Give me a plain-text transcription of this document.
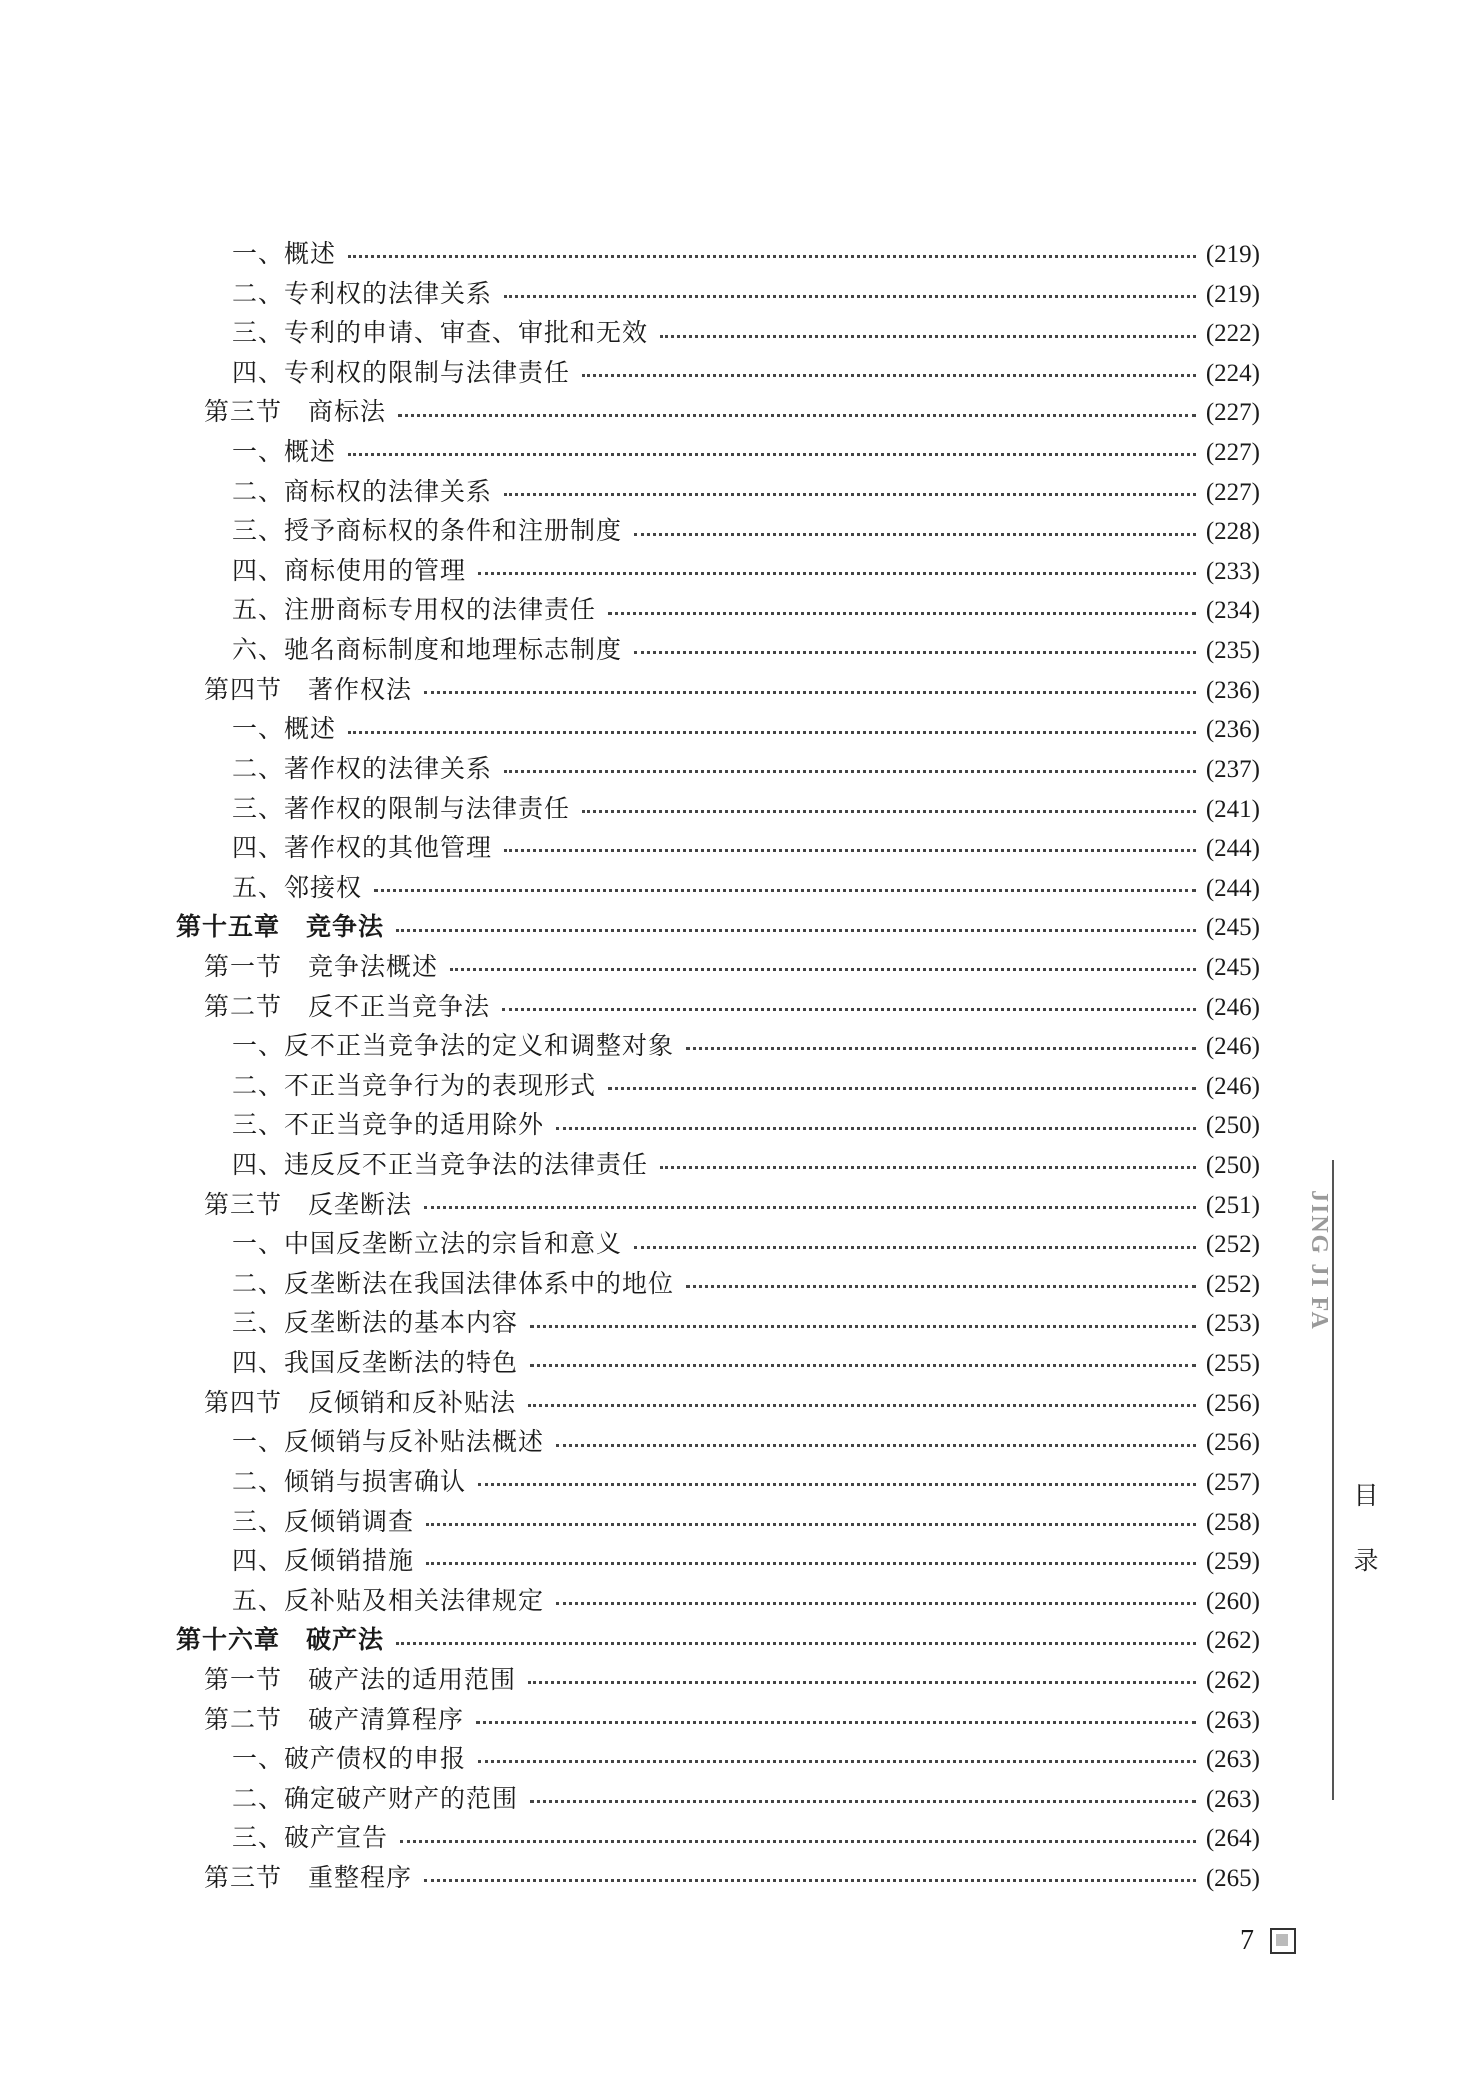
一、概述	(219)
二、专利权的法律关系	(219)
三、专利的申请、审查、审批和无效	(222)
四、专利权的限制与法律责任	(224)
第三节　商标法	(227)
一、概述	(227)
二、商标权的法律关系	(227)
三、授予商标权的条件和注册制度	(228)
四、商标使用的管理	(233)
五、注册商标专用权的法律责任	(234)
六、驰名商标制度和地理标志制度	(235)
第四节　著作权法	(236)
一、概述	(236)
二、著作权的法律关系	(237)
三、著作权的限制与法律责任	(241)
四、著作权的其他管理	(244)
五、邻接权	(244)
第十五章　竞争法	(245)
第一节　竞争法概述	(245)
第二节　反不正当竞争法	(246)
一、反不正当竞争法的定义和调整对象	(246)
二、不正当竞争行为的表现形式	(246)
三、不正当竞争的适用除外	(250)
四、违反反不正当竞争法的法律责任	(250)
第三节　反垄断法	(251)
一、中国反垄断立法的宗旨和意义	(252)
二、反垄断法在我国法律体系中的地位	(252)
三、反垄断法的基本内容	(253)
四、我国反垄断法的特色	(255)
第四节　反倾销和反补贴法	(256)
一、反倾销与反补贴法概述	(256)
二、倾销与损害确认	(257)
三、反倾销调查	(258)
四、反倾销措施	(259)
五、反补贴及相关法律规定	(260)
第十六章　破产法	(262)
第一节　破产法的适用范围	(262)
第二节　破产清算程序	(263)
一、破产债权的申报	(263)
二、确定破产财产的范围	(263)
三、破产宣告	(264)
第三节　重整程序	(265)
JING JI FA
目录
7
